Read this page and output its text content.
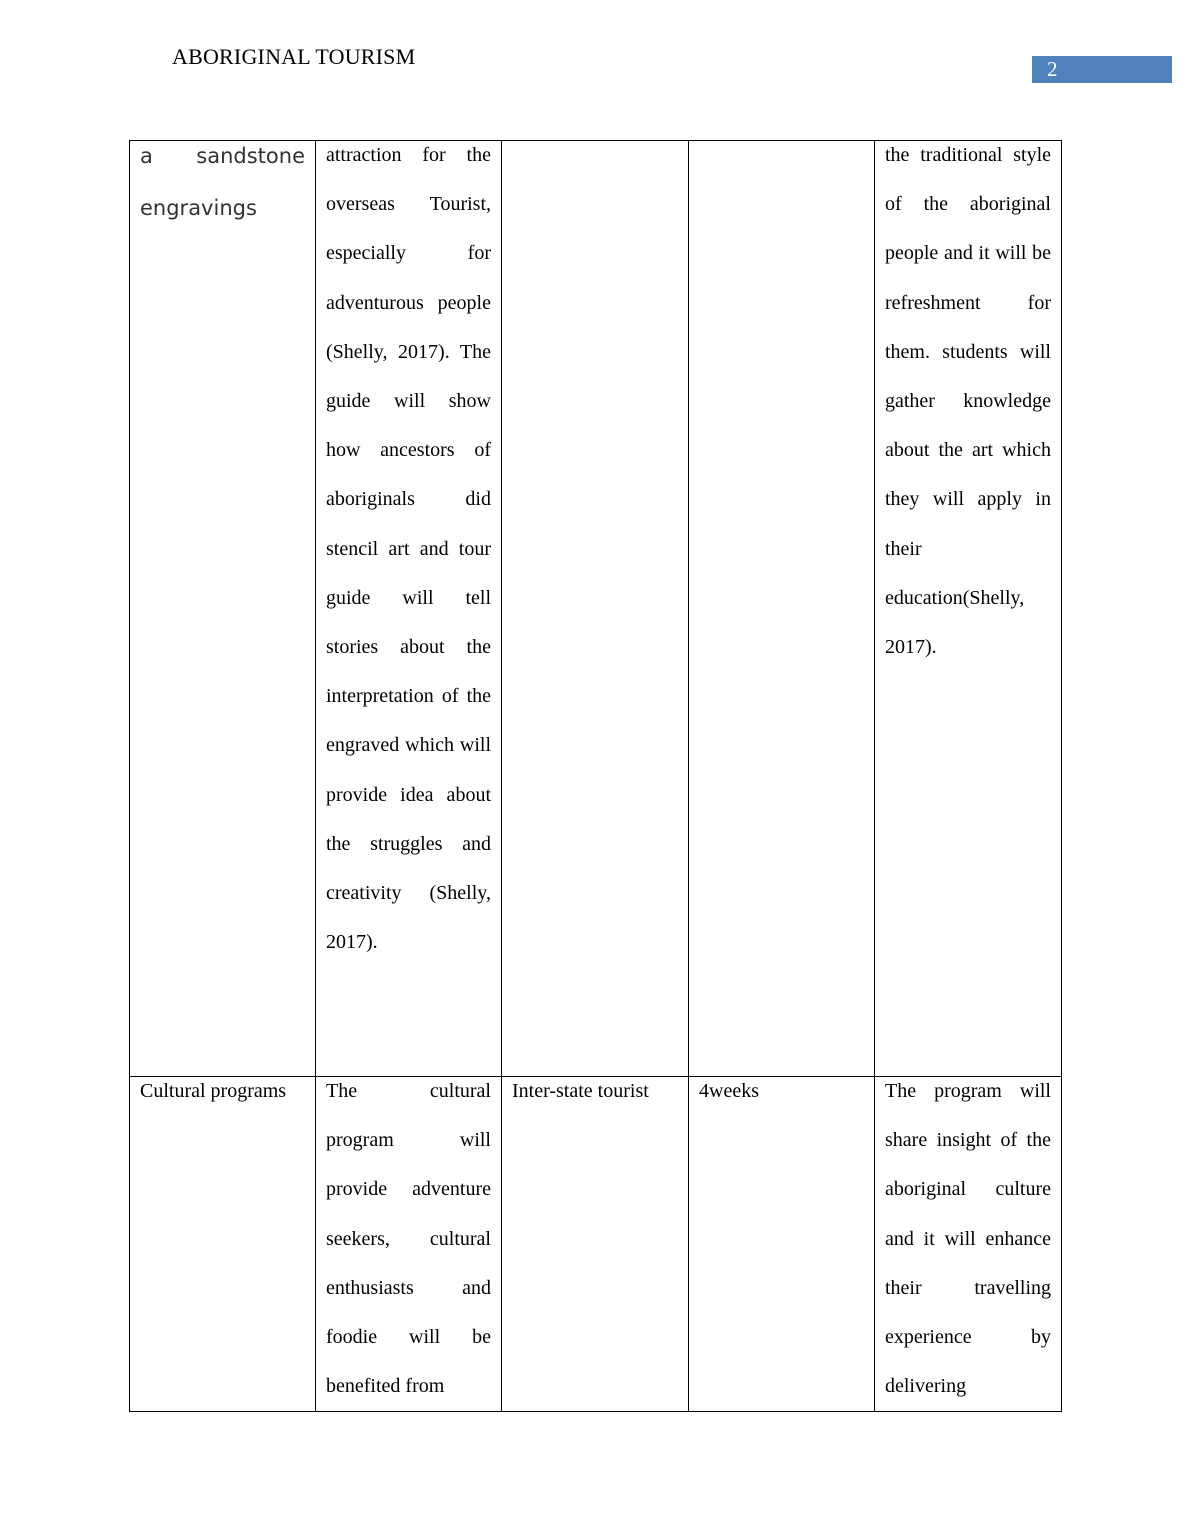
ABORIGINAL TOURISM	2
a sandstone engravings	attraction for the overseas Tourist, especially for adventurous people (Shelly, 2017). The guide will show how ancestors of aboriginals did stencil art and tour guide will tell stories about the interpretation of the engraved which will provide idea about the struggles and creativity (Shelly, 2017).			the traditional style of the aboriginal people and it will be refreshment for them. students will gather knowledge about the art which they will apply in their education(Shelly, 2017).

Cultural programs	The cultural program will provide adventure seekers, cultural enthusiasts and foodie will be benefited from	Inter-state tourist	4weeks	The program will share insight of the aboriginal culture and it will enhance their travelling experience by delivering
